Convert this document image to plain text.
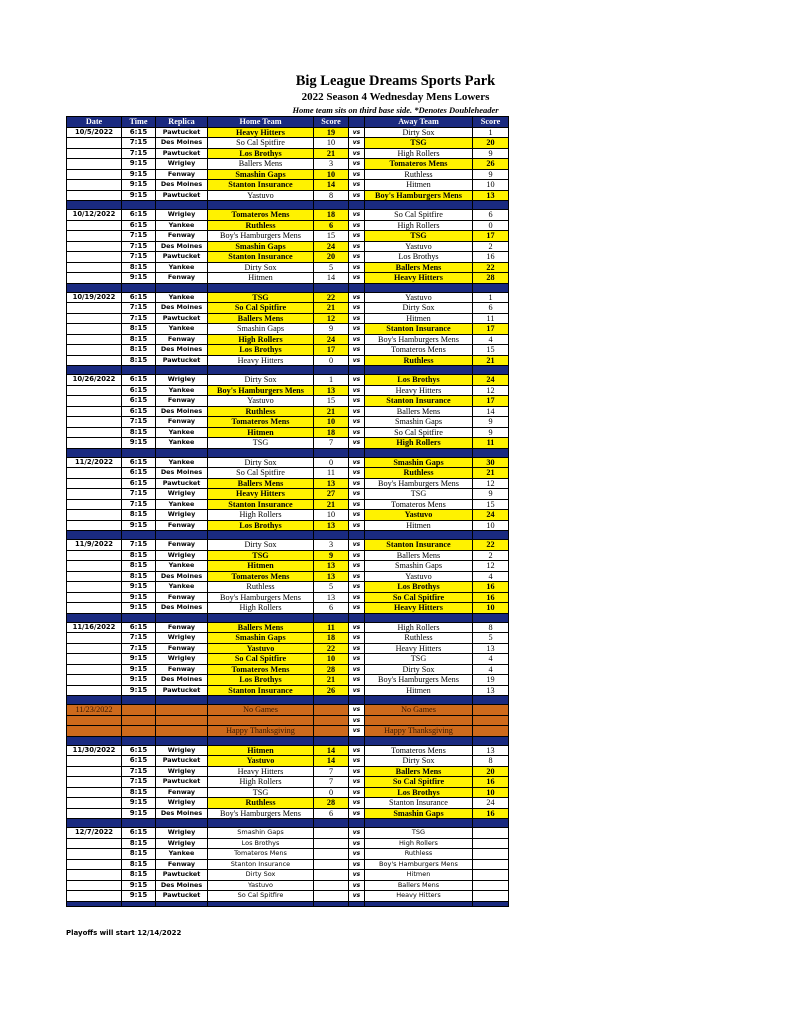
Big League Dreams Sports Park
2022 Season 4 Wednesday Mens Lowers
Home team sits on third base side. *Denotes Doubleheader
Date	Time	Replica	Home Team	Score		Away Team	Score
10/5/2022	6:15	Pawtucket	Heavy Hitters	19	vs	Dirty Sox	1
	7:15	Des Moines	So Cal Spitfire	10	vs	TSG	20
	7:15	Pawtucket	Los Brothys	21	vs	High Rollers	9
	9:15	Wrigley	Ballers Mens	3	vs	Tomateros Mens	26
	9:15	Fenway	Smashin Gaps	10	vs	Ruthless	9
	9:15	Des Moines	Stanton Insurance	14	vs	Hitmen	10
	9:15	Pawtucket	Yastuvo	8	vs	Boy's Hamburgers Mens	13

10/12/2022	6:15	Wrigley	Tomateros Mens	18	vs	So Cal Spitfire	6
	6:15	Yankee	Ruthless	6	vs	High Rollers	0
	7:15	Fenway	Boy's Hamburgers Mens	15	vs	TSG	17
	7:15	Des Moines	Smashin Gaps	24	vs	Yastuvo	2
	7:15	Pawtucket	Stanton Insurance	20	vs	Los Brothys	16
	8:15	Yankee	Dirty Sox	5	vs	Ballers Mens	22
	9:15	Fenway	Hitmen	14	vs	Heavy Hitters	28

10/19/2022	6:15	Yankee	TSG	22	vs	Yastuvo	1
	7:15	Des Moines	So Cal Spitfire	21	vs	Dirty Sox	6
	7:15	Pawtucket	Ballers Mens	12	vs	Hitmen	11
	8:15	Yankee	Smashin Gaps	9	vs	Stanton Insurance	17
	8:15	Fenway	High Rollers	24	vs	Boy's Hamburgers Mens	4
	8:15	Des Moines	Los Brothys	17	vs	Tomateros Mens	15
	8:15	Pawtucket	Heavy Hitters	0	vs	Ruthless	21

10/26/2022	6:15	Wrigley	Dirty Sox	1	vs	Los Brothys	24
	6:15	Yankee	Boy's Hamburgers Mens	13	vs	Heavy Hitters	12
	6:15	Fenway	Yastuvo	15	vs	Stanton Insurance	17
	6:15	Des Moines	Ruthless	21	vs	Ballers Mens	14
	7:15	Fenway	Tomateros Mens	10	vs	Smashin Gaps	9
	8:15	Yankee	Hitmen	18	vs	So Cal Spitfire	9
	9:15	Yankee	TSG	7	vs	High Rollers	11

11/2/2022	6:15	Yankee	Dirty Sox	0	vs	Smashin Gaps	30
	6:15	Des Moines	So Cal Spitfire	11	vs	Ruthless	21
	6:15	Pawtucket	Ballers Mens	13	vs	Boy's Hamburgers Mens	12
	7:15	Wrigley	Heavy Hitters	27	vs	TSG	9
	7:15	Yankee	Stanton Insurance	21	vs	Tomateros Mens	15
	8:15	Wrigley	High Rollers	10	vs	Yastuvo	24
	9:15	Fenway	Los Brothys	13	vs	Hitmen	10

11/9/2022	7:15	Fenway	Dirty Sox	3	vs	Stanton Insurance	22
	8:15	Wrigley	TSG	9	vs	Ballers Mens	2
	8:15	Yankee	Hitmen	13	vs	Smashin Gaps	12
	8:15	Des Moines	Tomateros Mens	13	vs	Yastuvo	4
	9:15	Yankee	Ruthless	5	vs	Los Brothys	16
	9:15	Fenway	Boy's Hamburgers Mens	13	vs	So Cal Spitfire	16
	9:15	Des Moines	High Rollers	6	vs	Heavy Hitters	10

11/16/2022	6:15	Fenway	Ballers Mens	11	vs	High Rollers	8
	7:15	Wrigley	Smashin Gaps	18	vs	Ruthless	5
	7:15	Fenway	Yastuvo	22	vs	Heavy Hitters	13
	9:15	Wrigley	So Cal Spitfire	10	vs	TSG	4
	9:15	Fenway	Tomateros Mens	28	vs	Dirty Sox	4
	9:15	Des Moines	Los Brothys	21	vs	Boy's Hamburgers Mens	19
	9:15	Pawtucket	Stanton Insurance	26	vs	Hitmen	13

11/23/2022			No Games		vs	No Games	
					vs		
			Happy Thanksgiving		vs	Happy Thanksgiving	

11/30/2022	6:15	Wrigley	Hitmen	14	vs	Tomateros Mens	13
	6:15	Pawtucket	Yastuvo	14	vs	Dirty Sox	8
	7:15	Wrigley	Heavy Hitters	7	vs	Ballers Mens	20
	7:15	Pawtucket	High Rollers	7	vs	So Cal Spitfire	16
	8:15	Fenway	TSG	0	vs	Los Brothys	10
	9:15	Wrigley	Ruthless	28	vs	Stanton Insurance	24
	9:15	Des Moines	Boy's Hamburgers Mens	6	vs	Smashin Gaps	16

12/7/2022	6:15	Wrigley	Smashin Gaps		vs	TSG	
	8:15	Wrigley	Los Brothys		vs	High Rollers	
	8:15	Yankee	Tomateros Mens		vs	Ruthless	
	8:15	Fenway	Stanton Insurance		vs	Boy's Hamburgers Mens	
	8:15	Pawtucket	Dirty Sox		vs	Hitmen	
	9:15	Des Moines	Yastuvo		vs	Ballers Mens	
	9:15	Pawtucket	So Cal Spitfire		vs	Heavy Hitters	

Playoffs will start 12/14/2022
